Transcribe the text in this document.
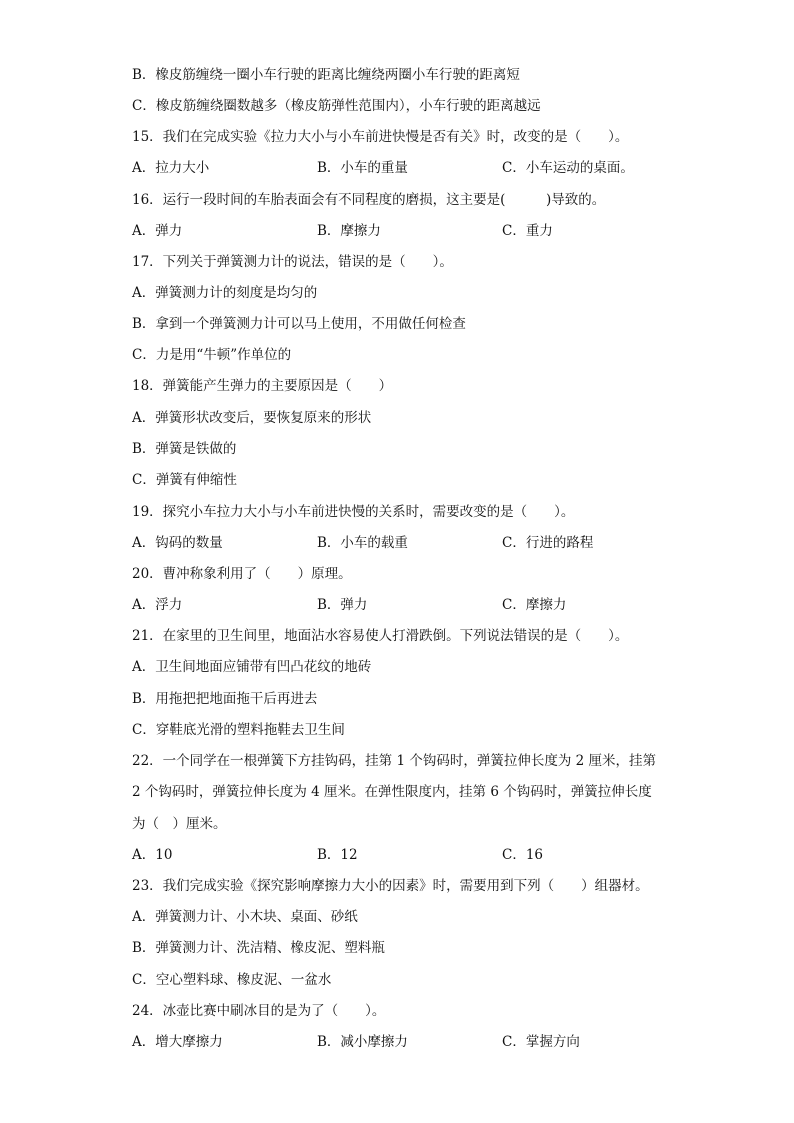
B．橡皮筋缠绕一圈小车行驶的距离比缠绕两圈小车行驶的距离短
C．橡皮筋缠绕圈数越多（橡皮筋弹性范围内），小车行驶的距离越远
15．我们在完成实验《拉力大小与小车前进快慢是否有关》时，改变的是（　　）。
A．拉力大小	B．小车的重量	C．小车运动的桌面。
16．运行一段时间的车胎表面会有不同程度的磨损，这主要是(　　　)导致的。
A．弹力	B．摩擦力	C．重力
17．下列关于弹簧测力计的说法，错误的是（　　）。
A．弹簧测力计的刻度是均匀的
B．拿到一个弹簧测力计可以马上使用，不用做任何检查
C．力是用“牛顿”作单位的
18．弹簧能产生弹力的主要原因是（　　）
A．弹簧形状改变后，要恢复原来的形状
B．弹簧是铁做的
C．弹簧有伸缩性
19．探究小车拉力大小与小车前进快慢的关系时，需要改变的是（　　）。
A．钩码的数量	B．小车的载重	C．行进的路程
20．曹冲称象利用了（　　）原理。
A．浮力	B．弹力	C．摩擦力
21．在家里的卫生间里，地面沾水容易使人打滑跌倒。下列说法错误的是（　　）。
A．卫生间地面应铺带有凹凸花纹的地砖
B．用拖把把地面拖干后再进去
C．穿鞋底光滑的塑料拖鞋去卫生间
22．一个同学在一根弹簧下方挂钩码，挂第 1 个钩码时，弹簧拉伸长度为 2 厘米，挂第
2 个钩码时，弹簧拉伸长度为 4 厘米。在弹性限度内，挂第 6 个钩码时，弹簧拉伸长度
为（　）厘米。
A．10	B．12	C．16
23．我们完成实验《探究影响摩擦力大小的因素》时，需要用到下列（　　）组器材。
A．弹簧测力计、小木块、桌面、砂纸
B．弹簧测力计、洗洁精、橡皮泥、塑料瓶
C．空心塑料球、橡皮泥、一盆水
24．冰壶比赛中刷冰目的是为了（　　）。
A．增大摩擦力	B．减小摩擦力	C．掌握方向
